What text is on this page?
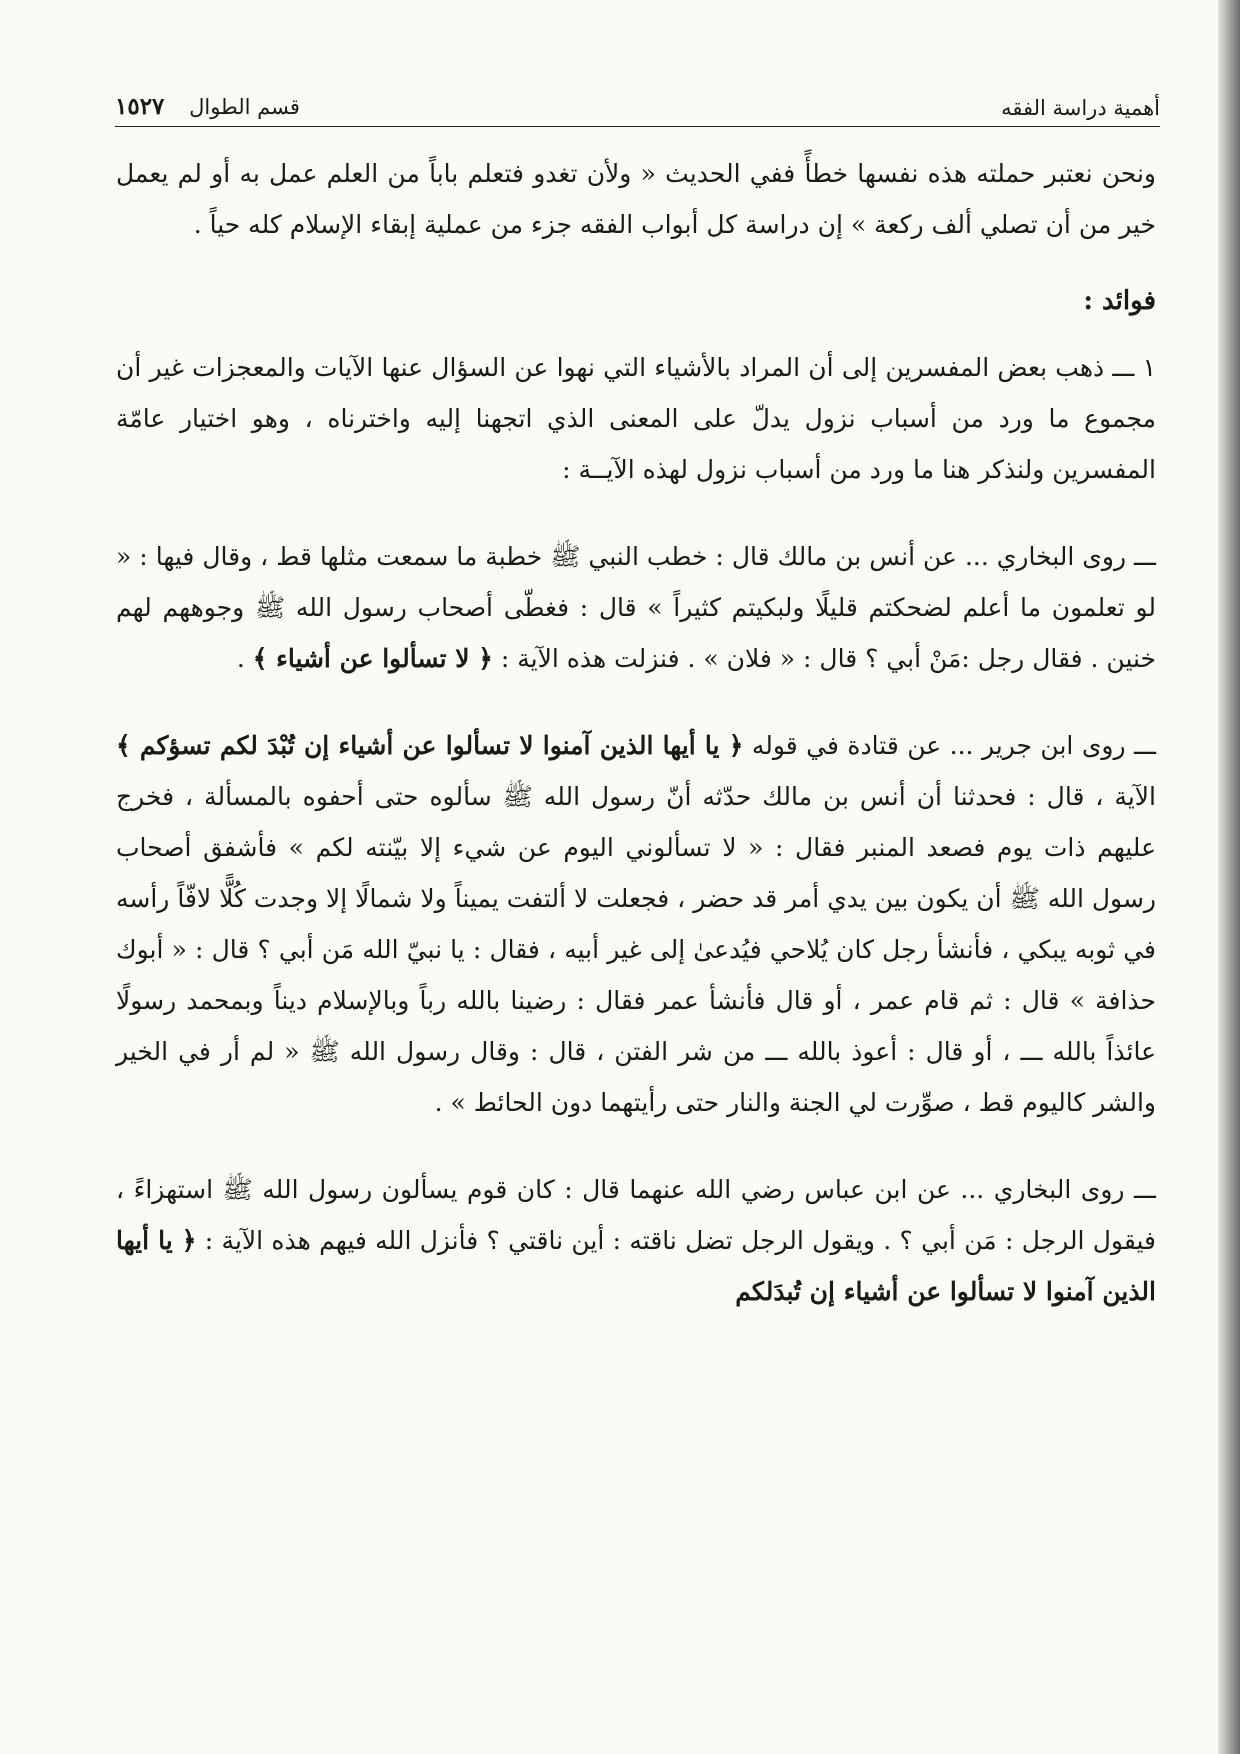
أهمية دراسة الفقه
قسم الطوال ١٥٢٧

ونحن نعتبر حملته هذه نفسها خطأً ففي الحديث « ولأن تغدو فتعلم باباً من العلم عمل به أو لم يعمل خير من أن تصلي ألف ركعة » إن دراسة كل أبواب الفقه جزء من عملية إبقاء الإسلام كله حياً .

فوائد :

١ ـــ ذهب بعض المفسرين إلى أن المراد بالأشياء التي نهوا عن السؤال عنها الآيات والمعجزات غير أن مجموع ما ورد من أسباب نزول يدلّ على المعنى الذي اتجهنا إليه واخترناه ، وهو اختيار عامّة المفسرين ولنذكر هنا ما ورد من أسباب نزول لهذه الآيــة :

ـــ روى البخاري ... عن أنس بن مالك قال : خطب النبي ﷺ خطبة ما سمعت مثلها قط ، وقال فيها : « لو تعلمون ما أعلم لضحكتم قليلًا ولبكيتم كثيراً » قال : فغطّى أصحاب رسول الله ﷺ وجوههم لهم خنين . فقال رجل :مَنْ أبي ؟ قال : « فلان » . فنزلت هذه الآية : ﴿ لا تسألوا عن أشياء ﴾ .

ـــ روى ابن جرير ... عن قتادة في قوله ﴿ يا أيها الذين آمنوا لا تسألوا عن أشياء إن تُبْدَ لكم تسؤكم ﴾ الآية ، قال : فحدثنا أن أنس بن مالك حدّثه أنّ رسول الله ﷺ سألوه حتى أحفوه بالمسألة ، فخرج عليهم ذات يوم فصعد المنبر فقال : « لا تسألوني اليوم عن شيء إلا بيّنته لكم » فأشفق أصحاب رسول الله ﷺ أن يكون بين يدي أمر قد حضر ، فجعلت لا ألتفت يميناً ولا شمالًا إلا وجدت كُلًّا لافّاً رأسه في ثوبه يبكي ، فأنشأ رجل كان يُلاحي فيُدعىٰ إلى غير أبيه ، فقال : يا نبيّ الله مَن أبي ؟ قال : « أبوك حذافة » قال : ثم قام عمر ، أو قال فأنشأ عمر فقال : رضينا بالله رباً وبالإسلام ديناً وبمحمد رسولًا عائذاً بالله ـــ ، أو قال : أعوذ بالله ـــ من شر الفتن ، قال : وقال رسول الله ﷺ « لم أر في الخير والشر كاليوم قط ، صوِّرت لي الجنة والنار حتى رأيتهما دون الحائط » .

ـــ روى البخاري ... عن ابن عباس رضي الله عنهما قال : كان قوم يسألون رسول الله ﷺ استهزاءً ، فيقول الرجل : مَن أبي ؟ . ويقول الرجل تضل ناقته : أين ناقتي ؟ فأنزل الله فيهم هذه الآية : ﴿ يا أيها الذين آمنوا لا تسألوا عن أشياء إن تُبدَلكم
